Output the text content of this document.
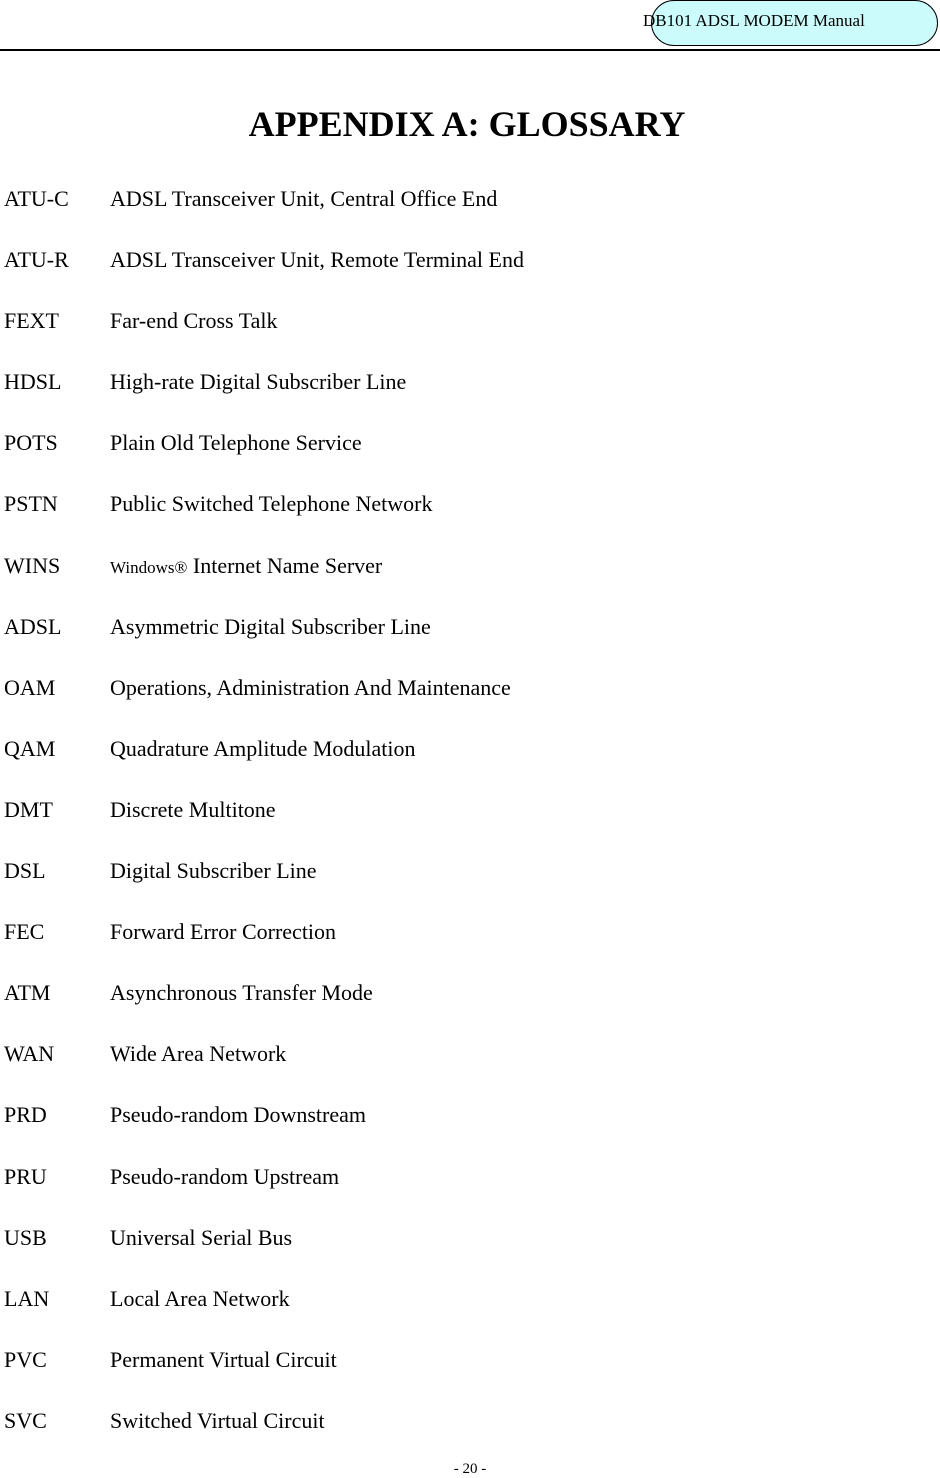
DB101 ADSL MODEM Manual
APPENDIX A: GLOSSARY
ATU-C ADSL Transceiver Unit, Central Office End
ATU-R ADSL Transceiver Unit, Remote Terminal End
FEXT Far-end Cross Talk
HDSL High-rate Digital Subscriber Line
POTS Plain Old Telephone Service
PSTN Public Switched Telephone Network
WINS	Windows® Internet Name Server
ADSL Asymmetric Digital Subscriber Line
OAM Operations, Administration And Maintenance
QAM Quadrature Amplitude Modulation
DMT	Discrete Multitone
DSL	Digital Subscriber Line
FEC	Forward Error Correction
ATM	Asynchronous Transfer Mode
WAN	Wide Area Network
PRD	Pseudo-random Downstream
PRU	Pseudo-random Upstream
USB	Universal Serial Bus
LAN	Local Area Network
PVC	Permanent Virtual Circuit
SVC	Switched Virtual Circuit
- 20 -
